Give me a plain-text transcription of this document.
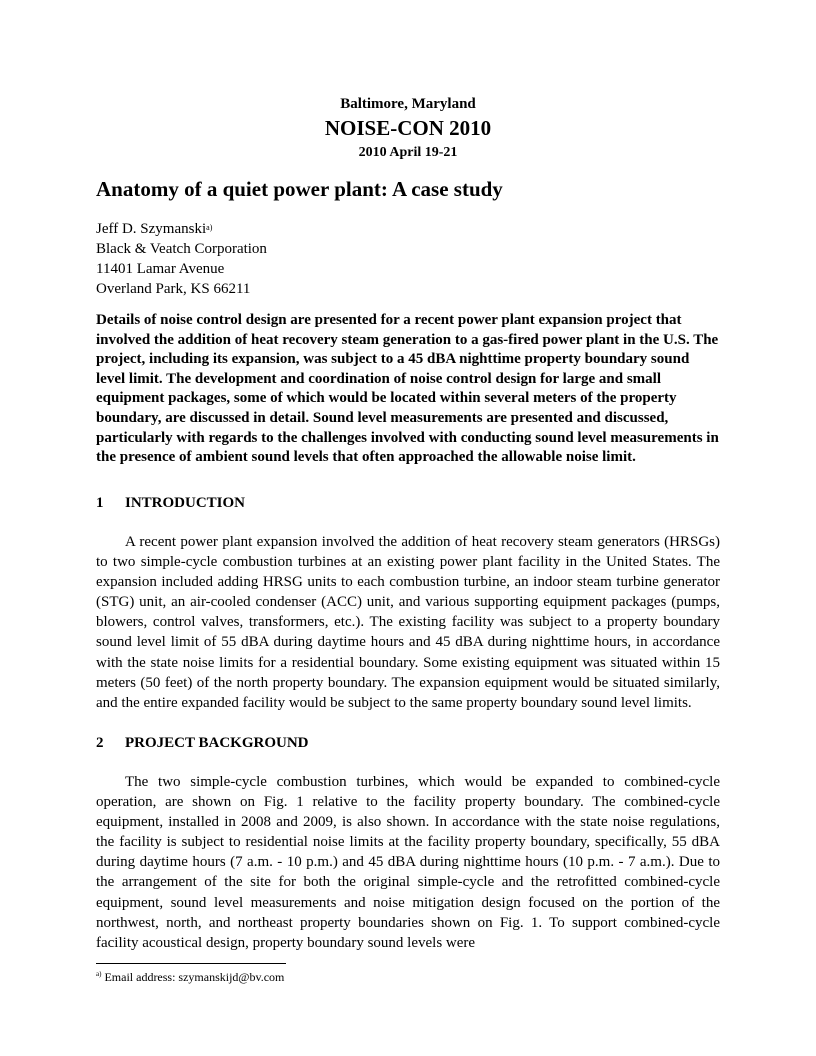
Baltimore, Maryland
NOISE-CON 2010
2010 April 19-21
Anatomy of a quiet power plant: A case study
Jeff D. Szymanski$^{a)}$
Black & Veatch Corporation
11401 Lamar Avenue
Overland Park, KS 66211

Details of noise control design are presented for a recent power plant expansion project that involved the addition of heat recovery steam generation to a gas-fired power plant in the U.S. The project, including its expansion, was subject to a 45 dBA nighttime property boundary sound level limit. The development and coordination of noise control design for large and small equipment packages, some of which would be located within several meters of the property boundary, are discussed in detail. Sound level measurements are presented and discussed, particularly with regards to the challenges involved with conducting sound level measurements in the presence of ambient sound levels that often approached the allowable noise limit.

1 INTRODUCTION

A recent power plant expansion involved the addition of heat recovery steam generators (HRSGs) to two simple-cycle combustion turbines at an existing power plant facility in the United States. The expansion included adding HRSG units to each combustion turbine, an indoor steam turbine generator (STG) unit, an air-cooled condenser (ACC) unit, and various supporting equipment packages (pumps, blowers, control valves, transformers, etc.). The existing facility was subject to a property boundary sound level limit of 55 dBA during daytime hours and 45 dBA during nighttime hours, in accordance with the state noise limits for a residential boundary. Some existing equipment was situated within 15 meters (50 feet) of the north property boundary. The expansion equipment would be situated similarly, and the entire expanded facility would be subject to the same property boundary sound level limits.

2 PROJECT BACKGROUND

The two simple-cycle combustion turbines, which would be expanded to combined-cycle operation, are shown on Fig. 1 relative to the facility property boundary. The combined-cycle equipment, installed in 2008 and 2009, is also shown. In accordance with the state noise regulations, the facility is subject to residential noise limits at the facility property boundary, specifically, 55 dBA during daytime hours (7 a.m. - 10 p.m.) and 45 dBA during nighttime hours (10 p.m. - 7 a.m.). Due to the arrangement of the site for both the original simple-cycle and the retrofitted combined-cycle equipment, sound level measurements and noise mitigation design focused on the portion of the northwest, north, and northeast property boundaries shown on Fig. 1. To support combined-cycle facility acoustical design, property boundary sound levels were

$^{a)}$ Email address: szymanskijd@bv.com
